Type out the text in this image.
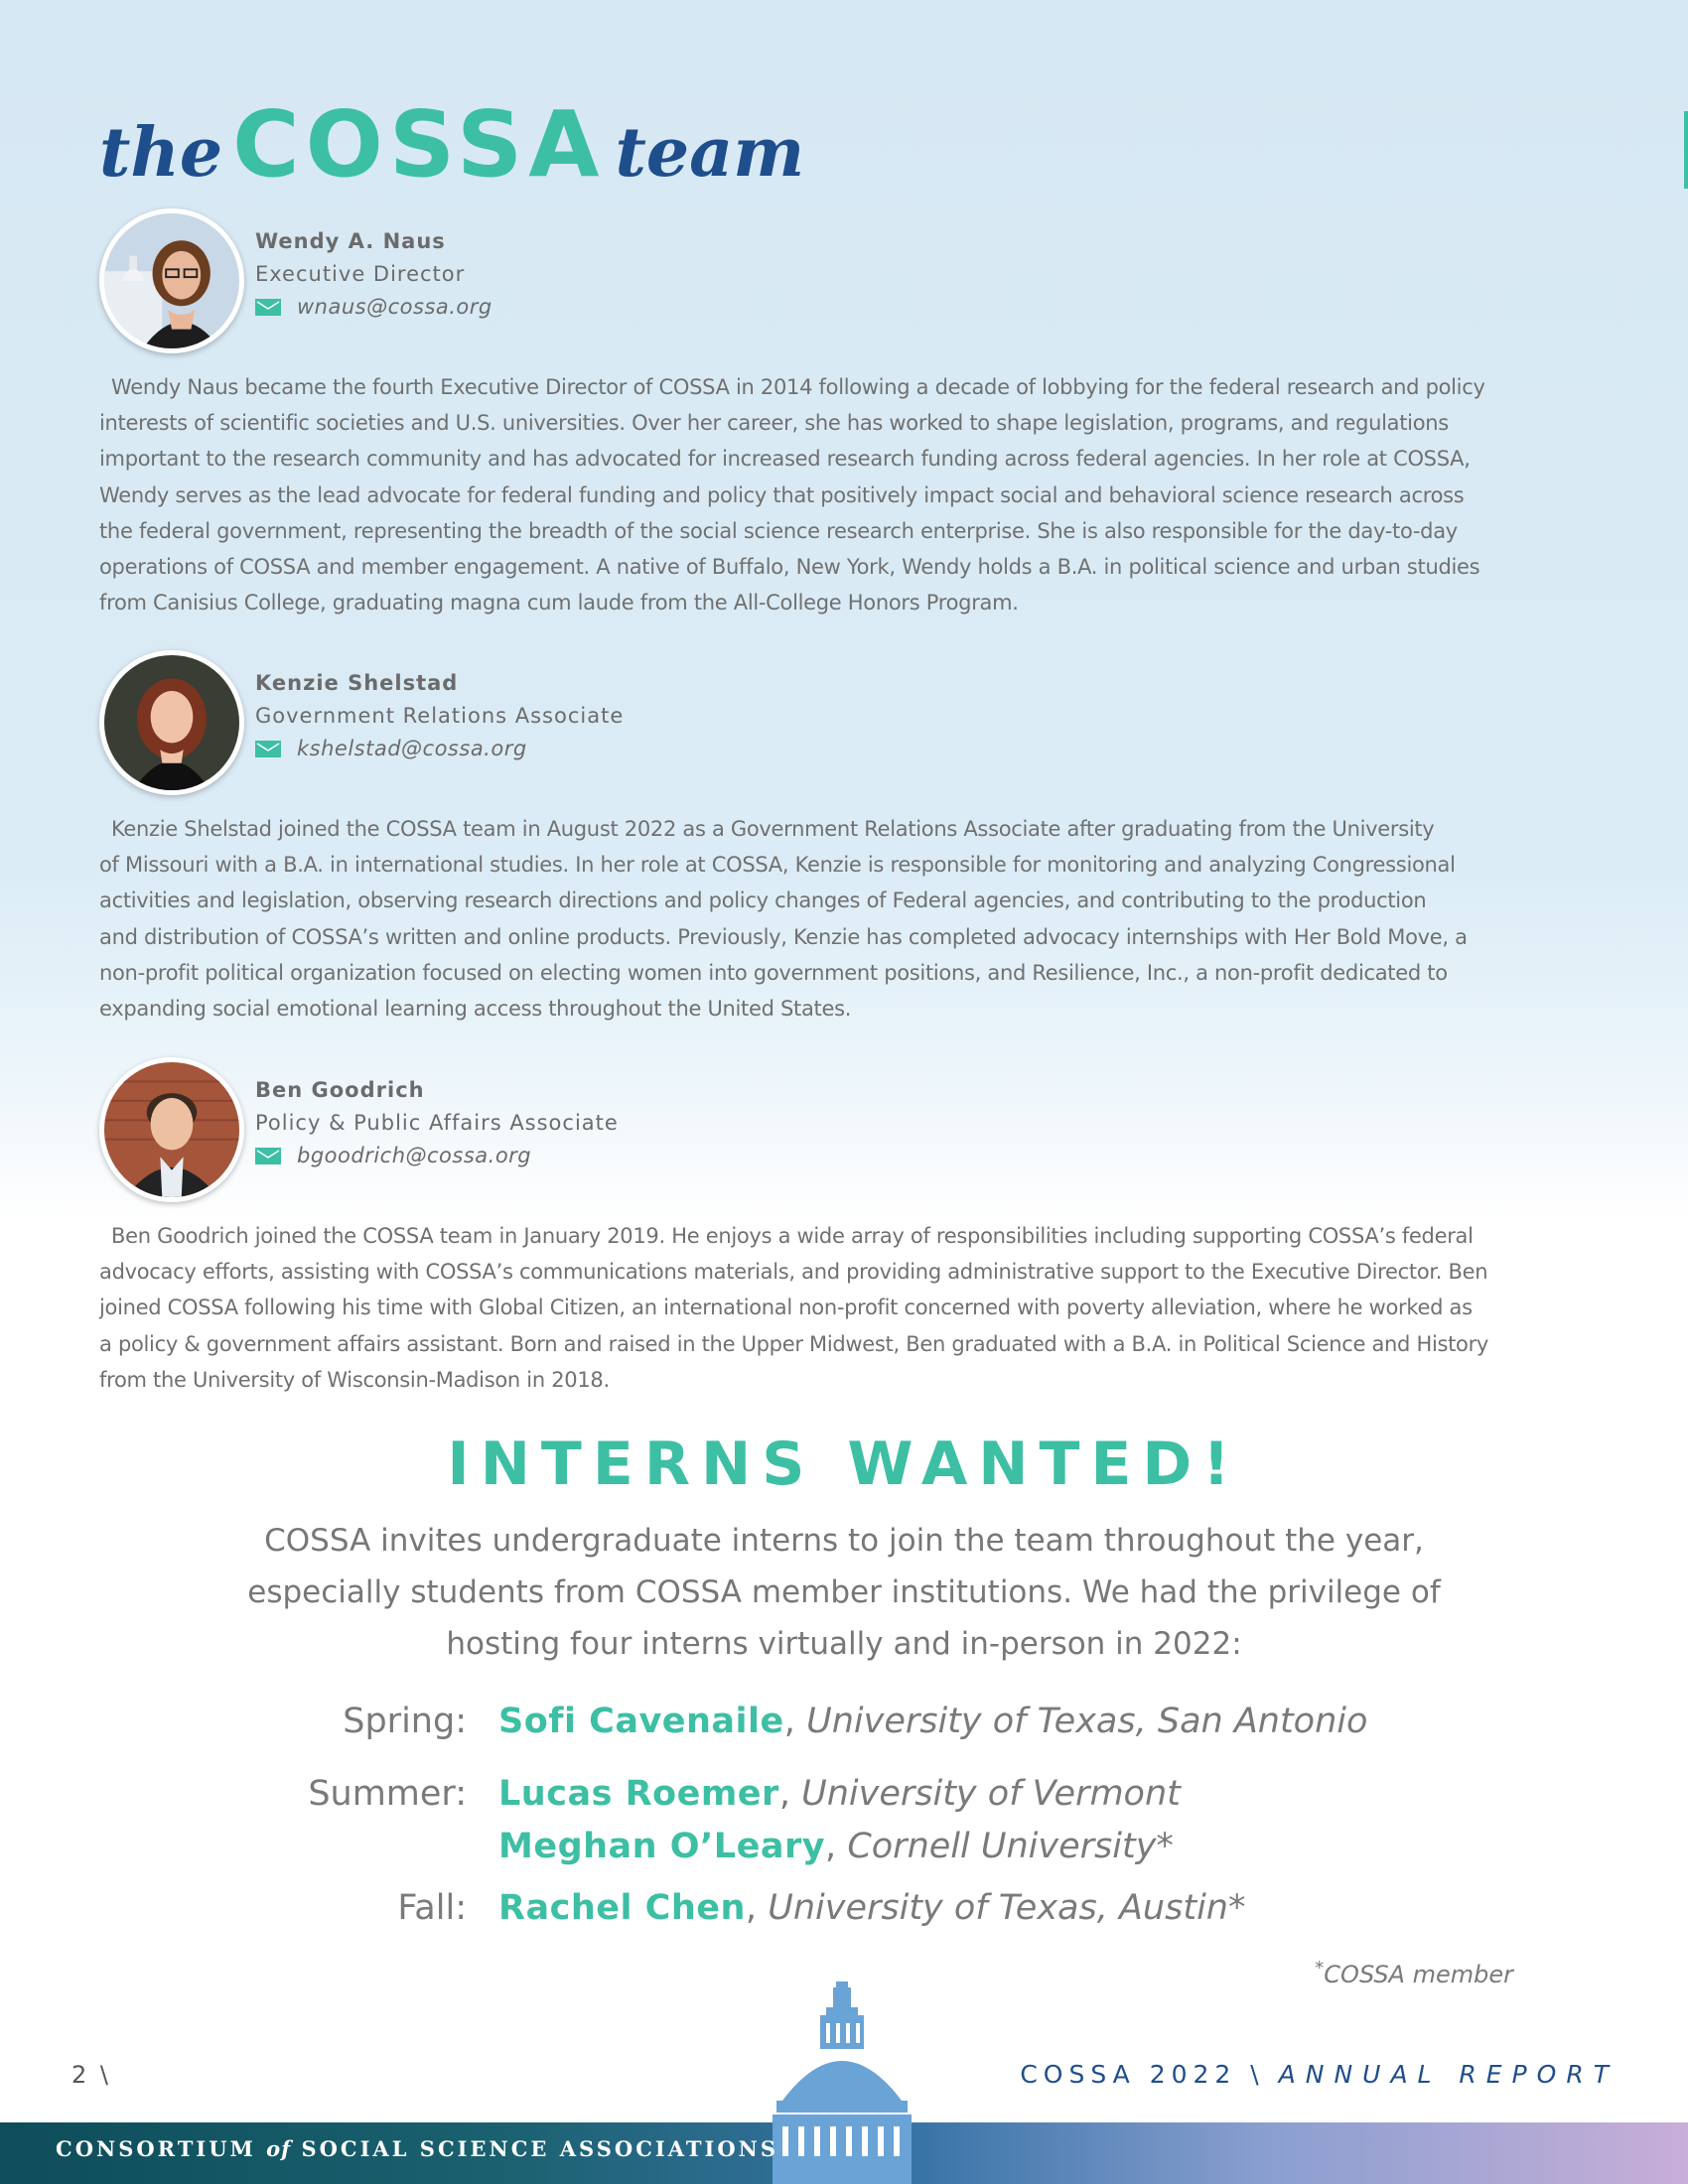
the COSSA team
Wendy A. Naus
Executive Director
wnaus@cossa.org
Wendy Naus became the fourth Executive Director of COSSA in 2014 following a decade of lobbying for the federal research and policy
interests of scientific societies and U.S. universities. Over her career, she has worked to shape legislation, programs, and regulations
important to the research community and has advocated for increased research funding across federal agencies. In her role at COSSA,
Wendy serves as the lead advocate for federal funding and policy that positively impact social and behavioral science research across
the federal government, representing the breadth of the social science research enterprise. She is also responsible for the day-to-day
operations of COSSA and member engagement. A native of Buffalo, New York, Wendy holds a B.A. in political science and urban studies
from Canisius College, graduating magna cum laude from the All-College Honors Program.
Kenzie Shelstad
Government Relations Associate
kshelstad@cossa.org
Kenzie Shelstad joined the COSSA team in August 2022 as a Government Relations Associate after graduating from the University
of Missouri with a B.A. in international studies. In her role at COSSA, Kenzie is responsible for monitoring and analyzing Congressional
activities and legislation, observing research directions and policy changes of Federal agencies, and contributing to the production
and distribution of COSSA’s written and online products. Previously, Kenzie has completed advocacy internships with Her Bold Move, a
non-profit political organization focused on electing women into government positions, and Resilience, Inc., a non-profit dedicated to
expanding social emotional learning access throughout the United States.
Ben Goodrich
Policy & Public Affairs Associate
bgoodrich@cossa.org
Ben Goodrich joined the COSSA team in January 2019. He enjoys a wide array of responsibilities including supporting COSSA’s federal
advocacy efforts, assisting with COSSA’s communications materials, and providing administrative support to the Executive Director. Ben
joined COSSA following his time with Global Citizen, an international non-profit concerned with poverty alleviation, where he worked as
a policy & government affairs assistant. Born and raised in the Upper Midwest, Ben graduated with a B.A. in Political Science and History
from the University of Wisconsin-Madison in 2018.
INTERNS WANTED!
COSSA invites undergraduate interns to join the team throughout the year,
especially students from COSSA member institutions. We had the privilege of
hosting four interns virtually and in-person in 2022:
Spring: Sofi Cavenaile, University of Texas, San Antonio
Summer: Lucas Roemer, University of Vermont
Meghan O’Leary, Cornell University*
Fall: Rachel Chen, University of Texas, Austin*
*COSSA member
2 \	COSSA 2022 \ ANNUAL REPORT
CONSORTIUM of SOCIAL SCIENCE ASSOCIATIONS
